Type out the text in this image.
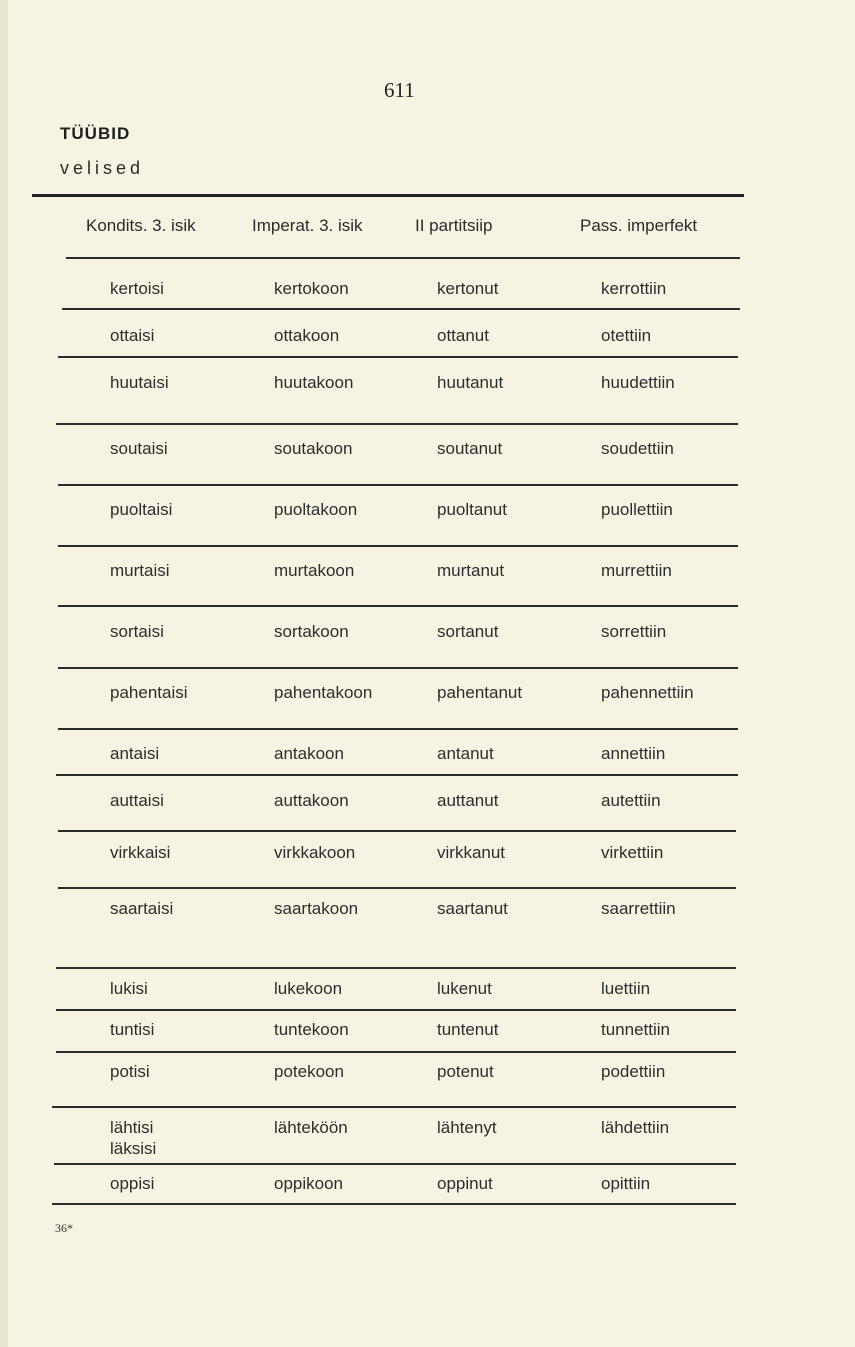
611
TÜÜBID
velised
Kondits. 3. isik	Imperat. 3. isik	II partitsiip	Pass. imperfekt
kertoisi	kertokoon	kertonut	kerrottiin
ottaisi	ottakoon	ottanut	otettiin
huutaisi	huutakoon	huutanut	huudettiin
soutaisi	soutakoon	soutanut	soudettiin
puoltaisi	puoltakoon	puoltanut	puollettiin
murtaisi	murtakoon	murtanut	murrettiin
sortaisi	sortakoon	sortanut	sorrettiin
pahentaisi	pahentakoon	pahentanut	pahennettiin
antaisi	antakoon	antanut	annettiin
auttaisi	auttakoon	auttanut	autettiin
virkkaisi	virkkakoon	virkkanut	virkettiin
saartaisi	saartakoon	saartanut	saarrettiin
lukisi	lukekoon	lukenut	luettiin
tuntisi	tuntekoon	tuntenut	tunnettiin
potisi	potekoon	potenut	podettiin
lähtisi	lähteköön	lähtenyt	lähdettiin
läksisi
oppisi	oppikoon	oppinut	opittiin
36*
